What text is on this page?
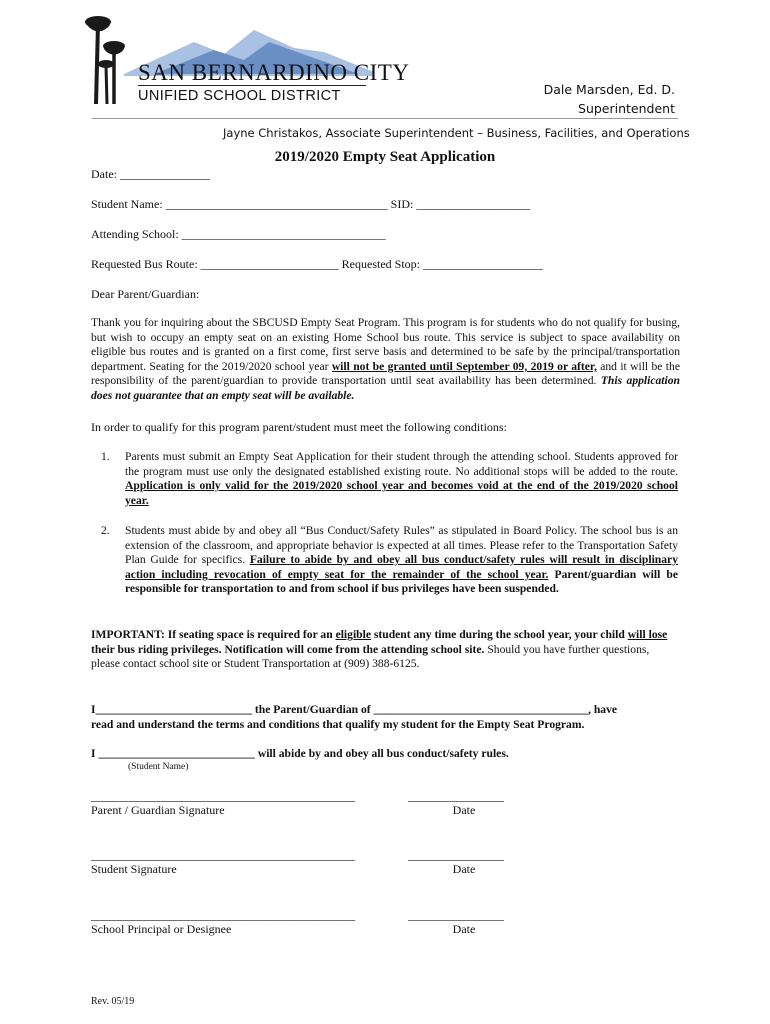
SAN BERNARDINO CITY
UNIFIED SCHOOL DISTRICT	Dale Marsden, Ed. D.
Superintendent
Jayne Christakos, Associate Superintendent – Business, Facilities, and Operations
2019/2020 Empty Seat Application
Date: _______________
Student Name: _____________________________________ SID: ___________________
Attending School: __________________________________
Requested Bus Route: _______________________ Requested Stop: ____________________
Dear Parent/Guardian:
Thank you for inquiring about the SBCUSD Empty Seat Program. This program is for students who do not qualify for busing, but wish to occupy an empty seat on an existing Home School bus route. This service is subject to space availability on eligible bus routes and is granted on a first come, first serve basis and determined to be safe by the principal/transportation department. Seating for the 2019/2020 school year will not be granted until September 09, 2019 or after, and it will be the responsibility of the parent/guardian to provide transportation until seat availability has been determined. This application does not guarantee that an empty seat will be available.
In order to qualify for this program parent/student must meet the following conditions:
1. Parents must submit an Empty Seat Application for their student through the attending school. Students approved for the program must use only the designated established existing route. No additional stops will be added to the route. Application is only valid for the 2019/2020 school year and becomes void at the end of the 2019/2020 school year.
2. Students must abide by and obey all “Bus Conduct/Safety Rules” as stipulated in Board Policy. The school bus is an extension of the classroom, and appropriate behavior is expected at all times. Please refer to the Transportation Safety Plan Guide for specifics. Failure to abide by and obey all bus conduct/safety rules will result in disciplinary action including revocation of empty seat for the remainder of the school year. Parent/guardian will be responsible for transportation to and from school if bus privileges have been suspended.
IMPORTANT: If seating space is required for an eligible student any time during the school year, your child will lose their bus riding privileges. Notification will come from the attending school site. Should you have further questions, please contact school site or Student Transportation at (909) 388-6125.
I___________________________ the Parent/Guardian of _____________________________________, have
read and understand the terms and conditions that qualify my student for the Empty Seat Program.
I ___________________________ will abide by and obey all bus conduct/safety rules.
(Student Name)
____________________________________________	________________
Parent / Guardian Signature	Date
____________________________________________	________________
Student Signature	Date
____________________________________________	________________
School Principal or Designee	Date
Rev. 05/19
